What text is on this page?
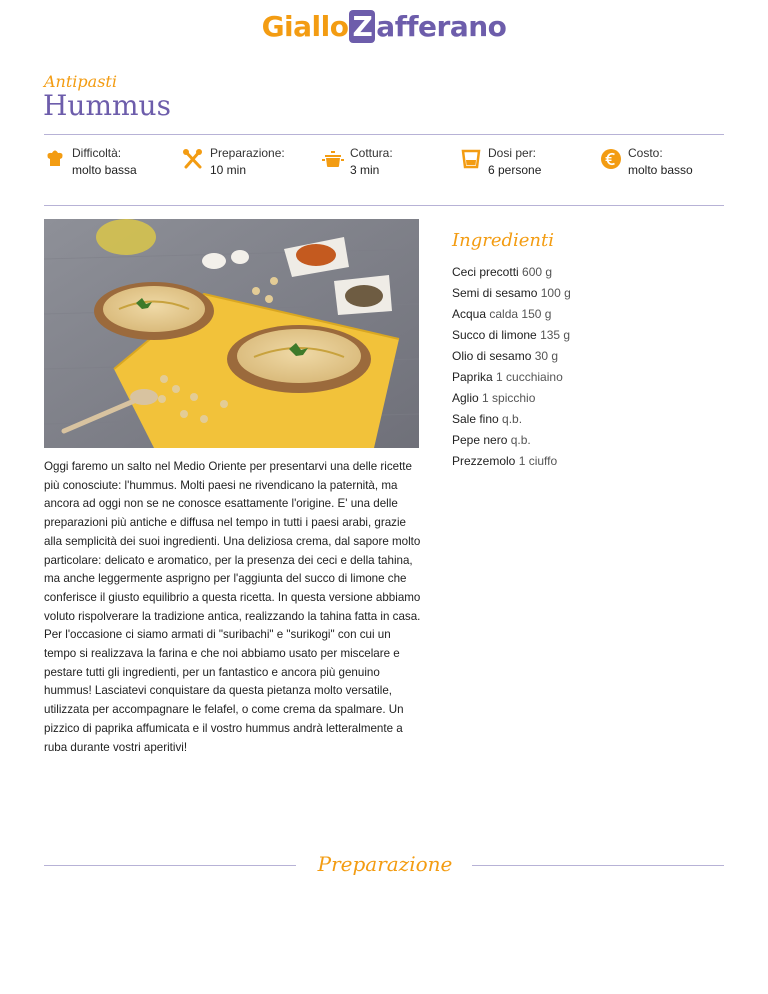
Giallo Z afferano
Antipasti
Hummus
Difficoltà:
molto bassa
Preparazione:
10 min
Cottura:
3 min
Dosi per:
6 persone
Costo:
molto basso
Oggi faremo un salto nel Medio Oriente per presentarvi una delle ricette più conosciute: l'hummus. Molti paesi ne rivendicano la paternità, ma ancora ad oggi non se ne conosce esattamente l'origine. E' una delle preparazioni più antiche e diffusa nel tempo in tutti i paesi arabi, grazie alla semplicità dei suoi ingredienti. Una deliziosa crema, dal sapore molto particolare: delicato e aromatico, per la presenza dei ceci e della tahina, ma anche leggermente asprigno per l'aggiunta del succo di limone che conferisce il giusto equilibrio a questa ricetta. In questa versione abbiamo voluto rispolverare la tradizione antica, realizzando la tahina fatta in casa. Per l'occasione ci siamo armati di "suribachi" e "surikogi" con cui un tempo si realizzava la farina e che noi abbiamo usato per miscelare e pestare tutti gli ingredienti, per un fantastico e ancora più genuino hummus! Lasciatevi conquistare da questa pietanza molto versatile, utilizzata per accompagnare le felafel, o come crema da spalmare. Un pizzico di paprika affumicata e il vostro hummus andrà letteralmente a ruba durante vostri aperitivi!
Ingredienti
Ceci precotti 600 g
Semi di sesamo 100 g
Acqua calda 150 g
Succo di limone 135 g
Olio di sesamo 30 g
Paprika 1 cucchiaino
Aglio 1 spicchio
Sale fino q.b.
Pepe nero q.b.
Prezzemolo 1 ciuffo
Preparazione
